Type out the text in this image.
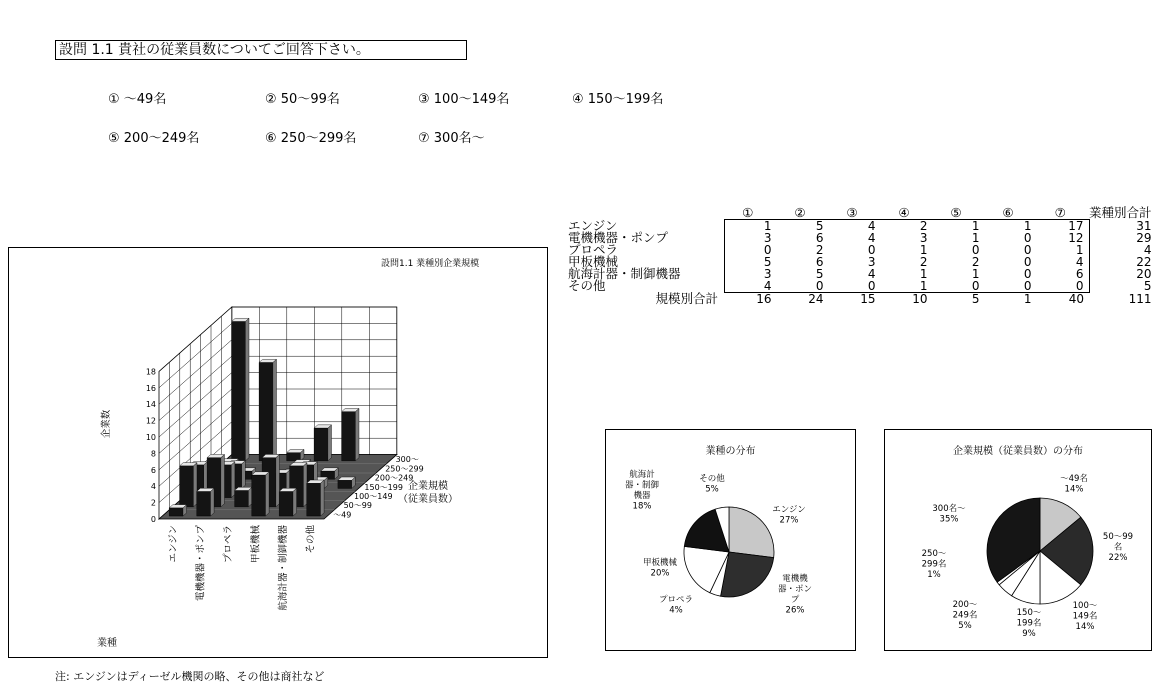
設問 1.1 貴社の従業員数についてご回答下さい。
① ～49名	② 50～99名	③ 100～149名	④ 150～199名
⑤ 200～249名	⑥ 250～299名	⑦ 300名～
	①	②	③	④	⑤	⑥	⑦	業種別合計
エンジン	1	5	4	2	1	1	17	31
電機機器・ポンプ	3	6	4	3	1	0	12	29
プロペラ	0	2	0	1	0	0	1	4
甲板機械	5	6	3	2	2	0	4	22
航海計器・制御機器	3	5	4	1	1	0	6	20
その他	4	0	0	1	0	0	0	5
規模別合計	16	24	15	10	5	1	40	111
0
2
4
6
8
10
12
14
16
18
～49
50～99
100～149
150～199
200～249
250～299
300～
エンジン 電機機器・ポンプ プロペラ 甲板機械 航海計器・制御機器 その他
設問1.1 業種別企業規模
企業数
企業規模
（従業員数）
業種
業種の分布
エンジン 27%
電機機器・ポンプ 26%
プロペラ 4%
甲板機械 20%
航海計器・制御機器 18%
その他 5%
企業規模（従業員数）の分布
～49名 14%
50～99 名 22%
100～ 149名 14%
150～ 199名 9%
200～ 249名 5%
250～ 299名 1%
300名～ 35%
注: エンジンはディーゼル機関の略、その他は商社など
